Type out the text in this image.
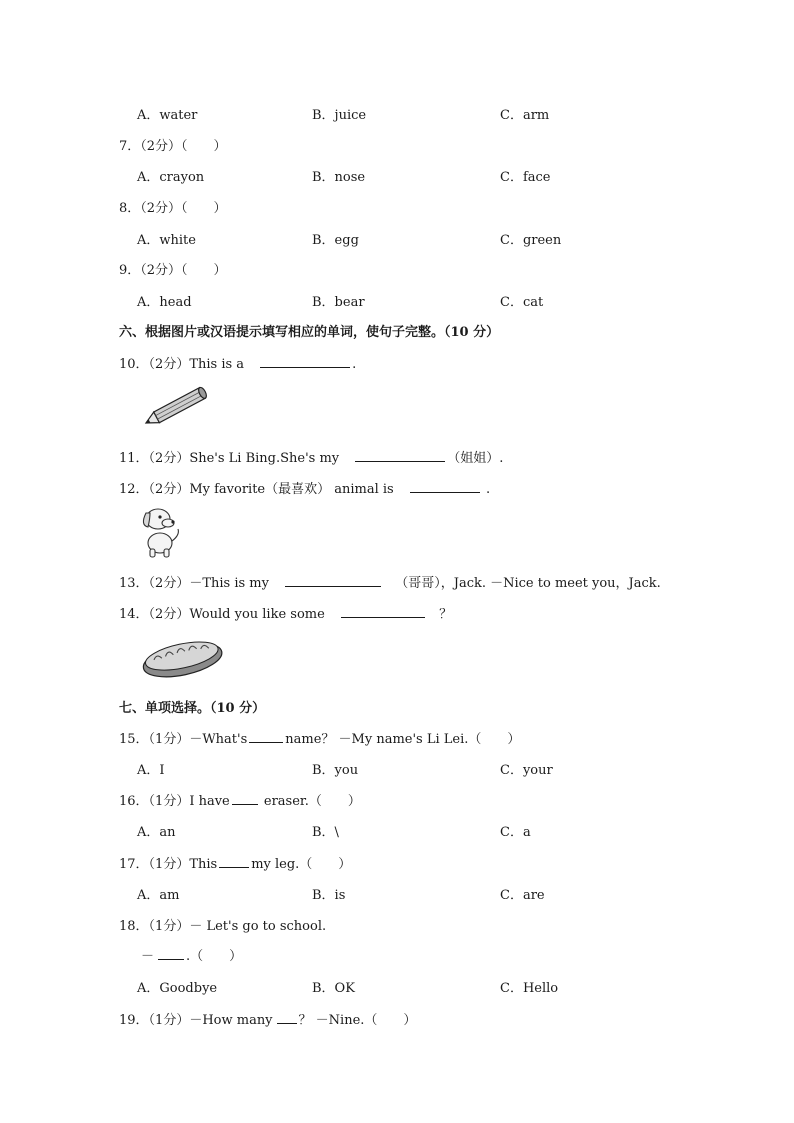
A．water	B．juice	C．arm
7．（2分）（　　）
A．crayon	B．nose	C．face
8．（2分）（　　）
A．white	B．egg	C．green
9．（2分）（　　）
A．head	B．bear	C．cat
六、根据图片或汉语提示填写相应的单词，使句子完整。（10 分）
10．（2分）This is a	.
11．（2分）She's Li Bing.She's my	（姐姐）.
12．（2分）My favorite（最喜欢） animal is	.
13．（2分）－This is my	（哥哥），Jack. －Nice to meet you，Jack.
14．（2分）Would you like some	？
七、单项选择。（10 分）
15．（1分）－What's	name？ －My name's Li Lei.（　　）
A．I	B．you	C．your
16．（1分）I have eraser.（　　）
A．an	B．\	C．a
17．（1分）This	my leg.（　　）
A．am	B．is	C．are
18．（1分）－ Let's go to school.
－ .（　　）
A．Goodbye	B．OK	C．Hello
19．（1分）－How many ？ －Nine.（　　）
